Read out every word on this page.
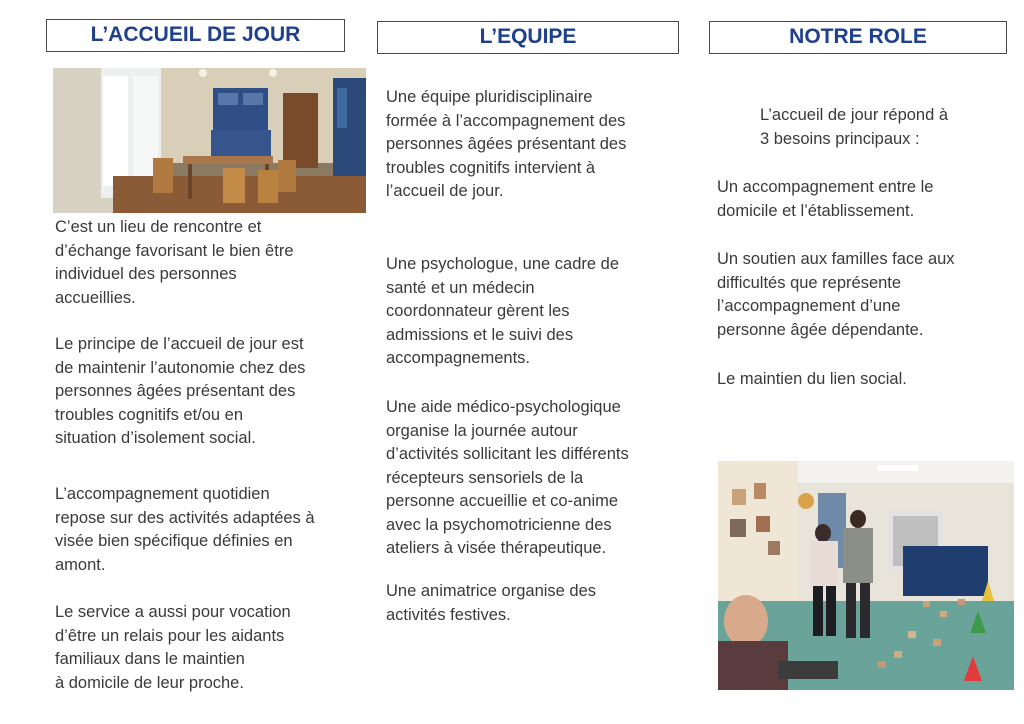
L’ACCUEIL DE JOUR	L’EQUIPE	NOTRE ROLE
C’est un lieu de rencontre et
d’échange favorisant le bien être
individuel des personnes
accueillies.
Le principe de l’accueil de jour est
de maintenir l’autonomie chez des
personnes âgées présentant des
troubles cognitifs et/ou en
situation d’isolement social.
L’accompagnement quotidien
repose sur des activités adaptées à
visée bien spécifique définies en
amont.
Le service a aussi pour vocation
d’être un relais pour les aidants
familiaux dans le maintien
à domicile de leur proche.
Une équipe pluridisciplinaire
formée à l’accompagnement des
personnes âgées présentant des
troubles cognitifs intervient à
l’accueil de jour.
Une psychologue, une cadre de
santé et un médecin
coordonnateur gèrent les
admissions et le suivi des
accompagnements.
Une aide médico-psychologique
organise la journée autour
d’activités sollicitant les différents
récepteurs sensoriels de la
personne accueillie et co-anime
avec la psychomotricienne des
ateliers à visée thérapeutique.
Une animatrice organise des
activités festives.
L’accueil de jour répond à
3 besoins principaux :
Un accompagnement entre le
domicile et l’établissement.
Un soutien aux familles face aux
difficultés que représente
l’accompagnement d’une
personne âgée dépendante.
Le maintien du lien social.
